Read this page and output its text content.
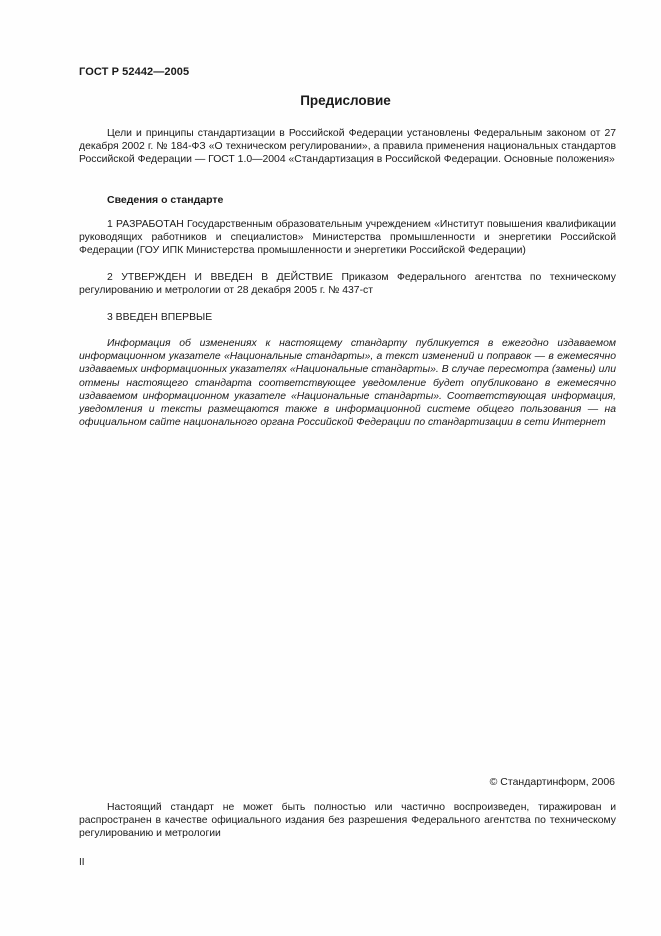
ГОСТ Р 52442—2005
Предисловие
Цели и принципы стандартизации в Российской Федерации установлены Федеральным законом от 27 декабря 2002 г. № 184-ФЗ «О техническом регулировании», а правила применения национальных стандартов Российской Федерации — ГОСТ 1.0—2004 «Стандартизация в Российской Федерации. Основные положения»
Сведения о стандарте
1 РАЗРАБОТАН Государственным образовательным учреждением «Институт повышения квалификации руководящих работников и специалистов» Министерства промышленности и энергетики Российской Федерации (ГОУ ИПК Министерства промышленности и энергетики Российской Федерации)
2 УТВЕРЖДЕН И ВВЕДЕН В ДЕЙСТВИЕ Приказом Федерального агентства по техническому регулированию и метрологии от 28 декабря 2005 г. № 437-ст
3 ВВЕДЕН ВПЕРВЫЕ
Информация об изменениях к настоящему стандарту публикуется в ежегодно издаваемом информационном указателе «Национальные стандарты», а текст изменений и поправок — в ежемесячно издаваемых информационных указателях «Национальные стандарты». В случае пересмотра (замены) или отмены настоящего стандарта соответствующее уведомление будет опубликовано в ежемесячно издаваемом информационном указателе «Национальные стандарты». Соответствующая информация, уведомления и тексты размещаются также в информационной системе общего пользования — на официальном сайте национального органа Российской Федерации по стандартизации в сети Интернет
© Стандартинформ, 2006
Настоящий стандарт не может быть полностью или частично воспроизведен, тиражирован и распространен в качестве официального издания без разрешения Федерального агентства по техническому регулированию и метрологии
II
